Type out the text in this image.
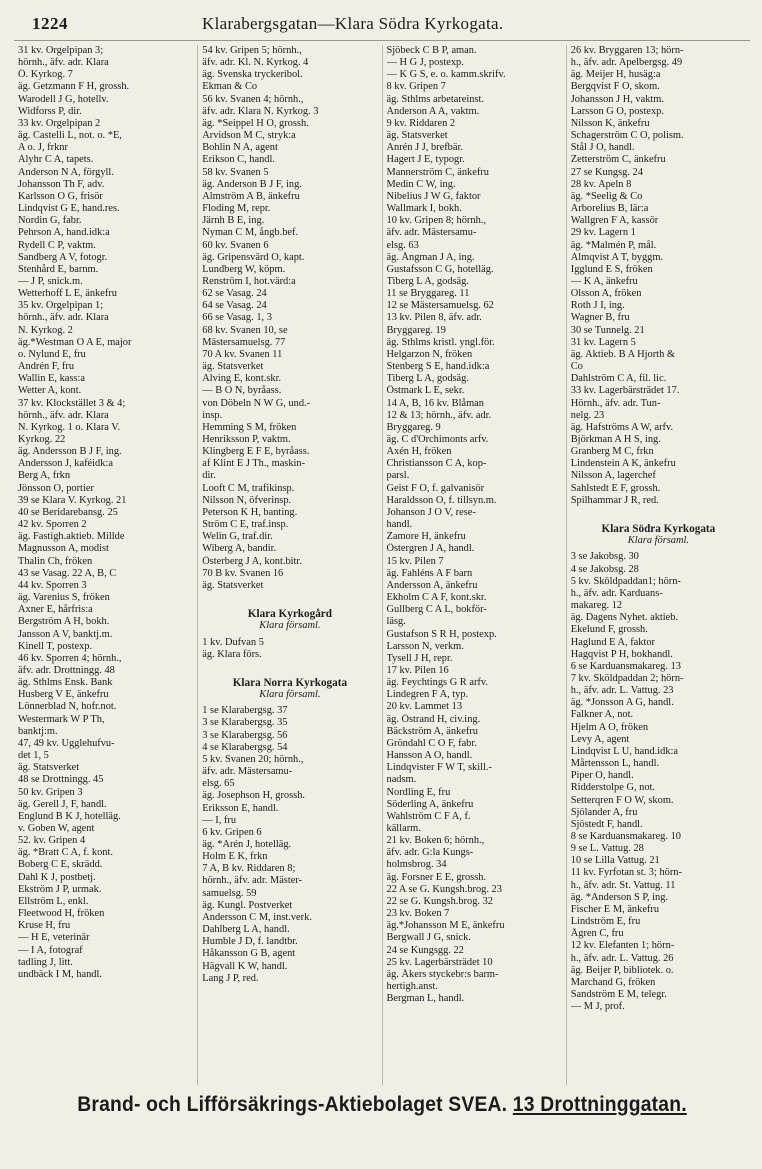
1224	Klarabergsgatan—Klara Södra Kyrkogata.
31 kv. Orgelpipan 3;
hörnh., äfv. adr. Klara
Ö. Kyrkog. 7
äg. Getzmann F H, grossh.
Warodell J G, hotellv.
Widforss P, dir.
33 kv. Orgelpipan 2
äg. Castelli L, not. o. *E,
A o. J, frknr
Alyhr C A, tapets.
Anderson N A, förgyll.
Johansson Th F, adv.
Karlsson O G, frisör
Lindqvist G E, hand.res.
Nordin G, fabr.
Pehrson A, hand.idk:a
Rydell C P, vaktm.
Sandberg A V, fotogr.
Stenhård E, barnm.
— J P, snick.m.
Wetterhoff L E, änkefru
35 kv. Orgelpipan 1;
hörnh., äfv. adr. Klara
N. Kyrkog. 2
äg.*Westman O A E, major
o. Nylund E, fru
Andrén F, fru
Wallin E, kass:a
Wetter A, kont.
37 kv. Klockstället 3 & 4;
hörnh., äfv. adr. Klara
N. Kyrkog. 1 o. Klara V.
Kyrkog. 22
äg. Andersson B J F, ing.
Andersson J, kaféidk:a
Berg A, frkn
Jönsson O, portier
39 se Klara V. Kyrkog. 21
40 se Beridarebansg. 25
42 kv. Sporren 2
äg. Fastigh.aktieb. Millde
Magnusson A, modist
Thalin Ch, fröken
43 se Vasag. 22 A, B, C
44 kv. Sporren 3
äg. Varenius S, fröken
Axner E, hårfris:a
Bergström A H, bokh.
Jansson A V, banktj.m.
Kinell T, postexp.
46 kv. Sporren 4; hörnh.,
äfv. adr. Drottningg. 48
äg. Sthlms Ensk. Bank
Husberg V E, änkefru
Lönnerblad N, hofr.not.
Westermark W P Th,
banktj:m.
47, 49 kv. Ugglehufvu-
det 1, 5
äg. Statsverket
48 se Drottningg. 45
50 kv. Gripen 3
äg. Gerell J, F, handl.
Englund B K J, hotelläg.
v. Goben W, agent
52. kv. Gripen 4
äg. *Bratt C A, f. kont.
Boberg C E, skrädd.
Dahl K J, postbetj.
Ekström J P, urmak.
Ellström L, enkl.
Fleetwood H, fröken
Kruse H, fru
— H E, veterinär
— I A, fotograf
tadling J, litt.
undbäck I M, handl.
54 kv. Gripen 5; hörnh.,
äfv. adr. Kl. N. Kyrkog. 4
äg. Svenska tryckeribol.
Ekman & Co
56 kv. Svanen 4; hörnh.,
äfv. adr. Klara N. Kyrkog. 3
äg. *Seippel H O, grossh.
Arvidson M C, stryk:a
Bohlin N A, agent
Erikson C, handl.
58 kv. Svanen 5
äg. Anderson B J F, ing.
Almström A B, änkefru
Floding M, repr.
Järnh B E, ing.
Nyman C M, ångb.bef.
60 kv. Svanen 6
äg. Gripensvärd O, kapt.
Lundberg W, köpm.
Renström I, hot.värd:a
62 se Vasag. 24
64 se Vasag. 24
66 se Vasag. 1, 3
68 kv. Svanen 10, se
Mästersamuelsg. 77
70 A kv. Svanen 11
äg. Statsverket
Alving E, kont.skr.
— B O N, byråass.
von Döbeln N W G, und.-
insp.
Hemming S M, fröken
Henriksson P, vaktm.
Klingberg E F E, byråass.
af Klint E J Th., maskin-
dir.
Looft C M, trafikinsp.
Nilsson N, öfverinsp.
Peterson K H, banting.
Ström C E, traf.insp.
Welin G, traf.dir.
Wiberg A, bandir.
Österberg J A, kont.bitr.
70 B kv. Svanen 16
äg. Statsverket

Klara Kyrkogård
Klara församl.
1 kv. Dufvan 5
äg. Klara förs.

Klara Norra Kyrkogata
Klara församl.
1 se Klarabergsg. 37
3 se Klarabergsg. 35
3 se Klarabergsg. 56
4 se Klarabergsg. 54
5 kv. Svanen 20; hörnh.,
äfv. adr. Mästersamu-
elsg. 65
äg. Josephson H, grossh.
Eriksson E, handl.
— I, fru
6 kv. Gripen 6
äg. *Arén J, hotelläg.
Holm E K, frkn
7 A, B kv. Riddaren 8;
hörnh., äfv. adr. Mäster-
samuelsg. 59
äg. Kungl. Postverket
Andersson C M, inst.verk.
Dahlberg L A, handl.
Humble J D, f. landtbr.
Håkansson G B, agent
Hägvall K W, handl.
Lang J P, red.
Sjöbeck C B P, aman.
— H G J, postexp.
— K G S, e. o. kamm.skrifv.
8 kv. Gripen 7
äg. Sthlms arbetareinst.
Anderson A A, vaktm.
9 kv. Riddaren 2
äg. Statsverket
Anrén J J, brefbär.
Hagert J E, typogr.
Mannerström C, änkefru
Medin C W, ing.
Nibelius J W G, faktor
Wallmark I, bokh.
10 kv. Gripen 8; hörnh.,
äfv. adr. Mästersamu-
elsg. 63
äg. Ångman J A, ing.
Gustafsson C G, hotelläg.
Tiberg L A, godsäg.
11 se Bryggareg. 11
12 se Mästersamuelsg. 62
13 kv. Pilen 8, äfv. adr.
Bryggareg. 19
äg. Sthlms kristl. yngl.för.
Helgarzon N, fröken
Stenberg S E, hand.idk:a
Tiberg L A, godsäg.
Östmark L E, sekr.
14 A, B, 16 kv. Blåman
12 & 13; hörnh., äfv. adr.
Bryggareg. 9
äg. C d'Orchimonts arfv.
Axén H, fröken
Christiansson C A, kop-
parsl.
Geist F O, f. galvanisör
Haraldsson O, f. tillsyn.m.
Johanson J O V, rese-
handl.
Zamore H, änkefru
Östergren J A, handl.
15 kv. Pilen 7
äg. Fahléns A F barn
Andersson A, änkefru
Ekholm C A F, kont.skr.
Gullberg C A L, bokför-
läsg.
Gustafson S R H, postexp.
Larsson N, verkm.
Tysell J H, repr.
17 kv. Pilen 16
äg. Feychtings G R arfv.
Lindegren F A, typ.
20 kv. Lammet 13
äg. Östrand H, civ.ing.
Bäckström A, änkefru
Gröndahl C O F, fabr.
Hansson A O, handl.
Lindqvister F W T, skill.-
nadsm.
Nordling E, fru
Söderling A, änkefru
Wahlström C F A, f.
källarm.
21 kv. Boken 6; hörnh.,
äfv. adr. G:la Kungs-
holmsbrog. 34
äg. Forsner E E, grossh.
22 A se G. Kungsh.brog. 23
22 se G. Kungsh.brog. 32
23 kv. Boken 7
äg.*Johansson M E, änkefru
Bergwall J G, snick.
24 se Kungsgg. 22
25 kv. Lagerbärsträdet 10
äg. Åkers styckebr:s barm-
hertigh.anst.
Bergman L, handl.
26 kv. Bryggaren 13; hörn-
h., äfv. adr. Apelbergsg. 49
äg. Meijer H, husäg:a
Bergqvist F O, skom.
Johansson J H, vaktm.
Larsson G O, postexp.
Nilsson K, änkefru
Schagerström C O, polism.
Stål J O, handl.
Zetterström C, änkefru
27 se Kungsg. 24
28 kv. Apeln 8
äg. *Seelig & Co
Arborelius B, lär:a
Wallgren F A, kassör
29 kv. Lagern 1
äg. *Malmén P, mål.
Almqvist A T, byggm.
Igglund E S, fröken
— K A, änkefru
Olsson A, fröken
Roth J I, ing.
Wagner B, fru
30 se Tunnelg. 21
31 kv. Lagern 5
äg. Aktieb. B A Hjorth &
Co
Dahlström C A, fil. lic.
33 kv. Lagerbärsträdet 17.
Hörnh., äfv. adr. Tun-
nelg. 23
äg. Hafströms A W, arfv.
Björkman A H S, ing.
Granberg M C, frkn
Lindenstein A K, änkefru
Nilsson A, lagerchef
Sahlstedt E F, grossh.
Spilhammar J R, red.

Klara Södra Kyrkogata
Klara församl.
3 se Jakobsg. 30
4 se Jakobsg. 28
5 kv. Sköldpaddan1; hörn-
h., äfv. adr. Karduans-
makareg. 12
äg. Dagens Nyhet. aktieb.
Ekelund F, grossh.
Haglund E A, faktor
Hagqvist P H, bokhandl.
6 se Karduansmakareg. 13
7 kv. Sköldpaddan 2; hörn-
h., äfv. adr. L. Vattug. 23
äg. *Jonsson A G, handl.
Falkner A, not.
Hjelm A O, fröken
Levy A, agent
Lindqvist L U, hand.idk:a
Mårtensson L, handl.
Piper O, handl.
Ridderstolpe G, not.
Setterqren F O W, skom.
Sjölander A, fru
Sjöstedt F, handl.
8 se Karduansmakareg. 10
9 se L. Vattug. 28
10 se Lilla Vattug. 21
11 kv. Fyrfotan st. 3; hörn-
h., äfv. adr. St. Vattug. 11
äg. *Anderson S P, ing.
Fischer E M, änkefru
Lindström E, fru
Ågren C, fru
12 kv. Elefanten 1; hörn-
h., äfv. adr. L. Vattug. 26
äg. Beijer P, bibliotek. o.
Marchand G, fröken
Sandström E M, telegr.
— M J, prof.
Brand- och Lifförsäkrings-Aktiebolaget SVEA. 13 Drottninggatan.
